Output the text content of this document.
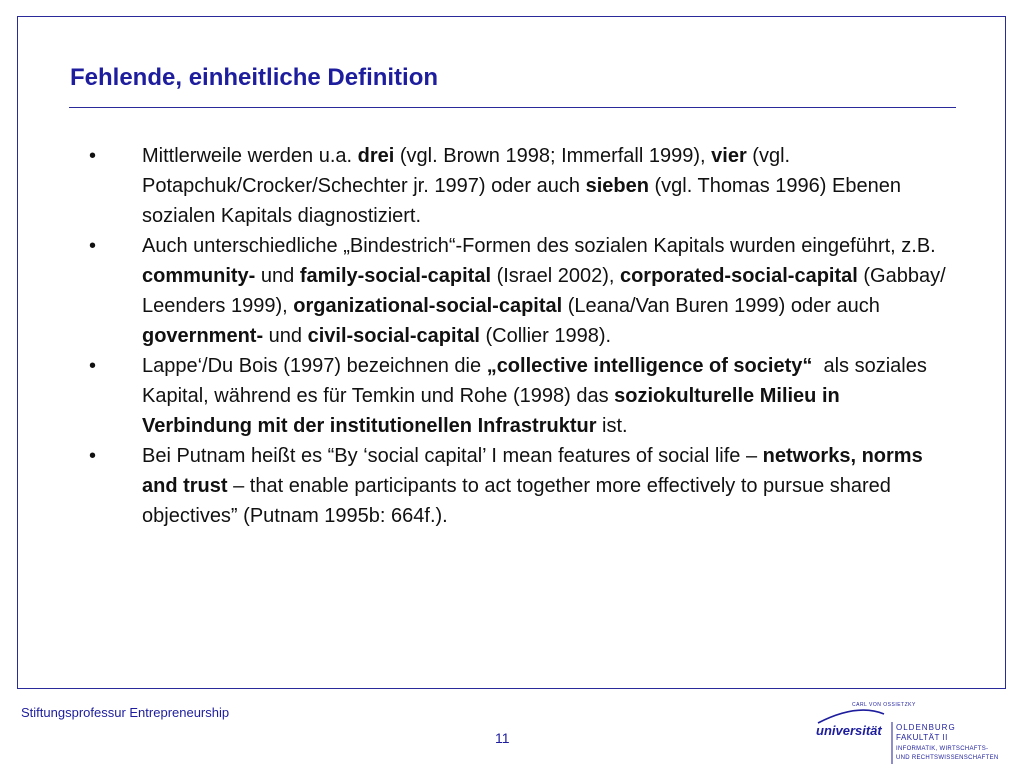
Fehlende, einheitliche Definition
• Mittlerweile werden u.a. drei (vgl. Brown 1998; Immerfall 1999), vier (vgl.  Potapchuk/Crocker/Schechter jr. 1997) oder auch sieben (vgl. Thomas 1996) Ebenen sozialen Kapitals diagnostiziert.
• Auch unterschiedliche „Bindestrich“-Formen des sozialen Kapitals wurden eingeführt, z.B. community- und family-social-capital (Israel 2002), corporated-social-capital (Gabbay/ Leenders 1999), organizational-social-capital (Leana/Van Buren 1999) oder auch government- und civil-social-capital (Collier 1998).
• Lappe‘/Du Bois (1997) bezeichnen die „collective intelligence of society“  als soziales Kapital, während es für Temkin und Rohe (1998) das soziokulturelle Milieu in Verbindung mit der institutionellen Infrastruktur ist.
• Bei Putnam heißt es “By ‘social capital’ I mean features of social life – networks, norms and trust – that enable participants to act together more effectively to pursue shared objectives” (Putnam 1995b: 664f.).
Stiftungsprofessur Entrepreneurship
11
CARL VON OSSIETZKY
universität OLDENBURG
FAKULTÄT II
INFORMATIK, WIRTSCHAFTS-
UND RECHTSWISSENSCHAFTEN
